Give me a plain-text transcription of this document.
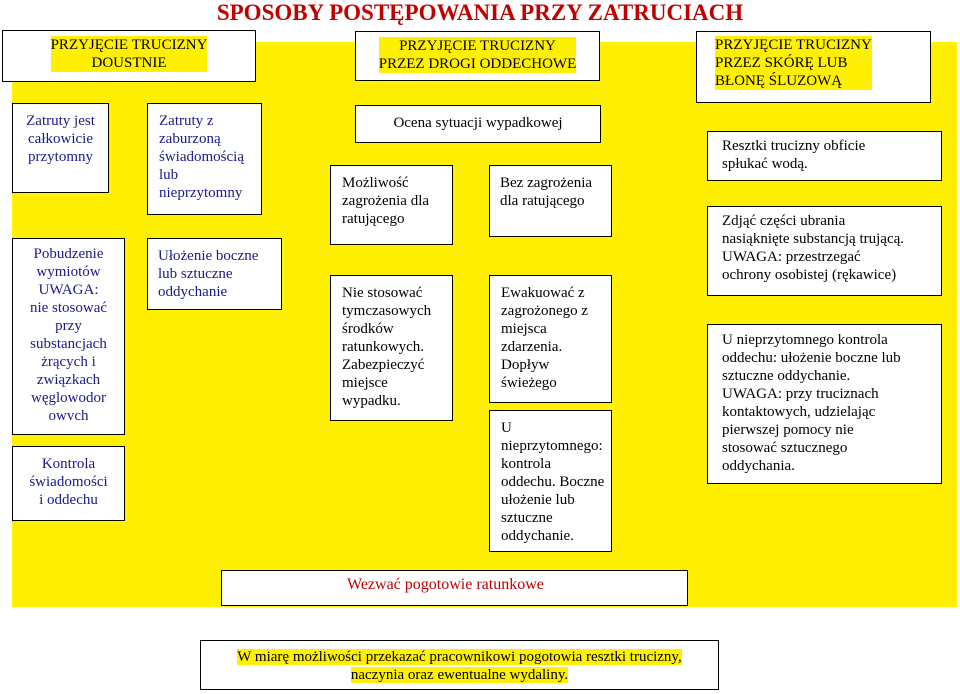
SPOSOBY POSTĘPOWANIA PRZY ZATRUCIACH
PRZYJĘCIE TRUCIZNY
DOUSTNIE
PRZYJĘCIE TRUCIZNY
PRZEZ DROGI ODDECHOWE
PRZYJĘCIE TRUCIZNY
PRZEZ SKÓRĘ LUB
BŁONĘ ŚLUZOWĄ
Zatruty jest
całkowicie
przytomny
Pobudzenie
wymiotów
UWAGA:
nie stosować
przy
substancjach
żrących i
związkach
węglowodor
owvch
Kontrola
świadomości
i oddechu
Zatruty z
zaburzoną
świadomością
lub
nieprzytomny
Ułożenie boczne
lub sztuczne
oddychanie
Ocena sytuacji wypadkowej
Możliwość
zagrożenia dla
ratującego
Nie stosować
tymczasowych
środków
ratunkowych.
Zabezpieczyć
miejsce
wypadku.
Bez zagrożenia
dla ratującego
Ewakuować z
zagrożonego z
miejsca
zdarzenia.
Dopływ
świeżego
U
nieprzytomnego:
kontrola
oddechu. Boczne
ułożenie lub
sztuczne
oddychanie.
Resztki trucizny obficie
spłukać wodą.
Zdjąć części ubrania
nasiąknięte substancją trującą.
UWAGA: przestrzegać
ochrony osobistej (rękawice)
U nieprzytomnego kontrola
oddechu: ułożenie boczne lub
sztuczne oddychanie.
UWAGA: przy truciznach
kontaktowych, udzielając
pierwszej pomocy nie
stosować sztucznego
oddychania.
Wezwać pogotowie ratunkowe
W miarę możliwości przekazać pracownikowi pogotowia resztki trucizny,
naczynia oraz ewentualne wydaliny.
